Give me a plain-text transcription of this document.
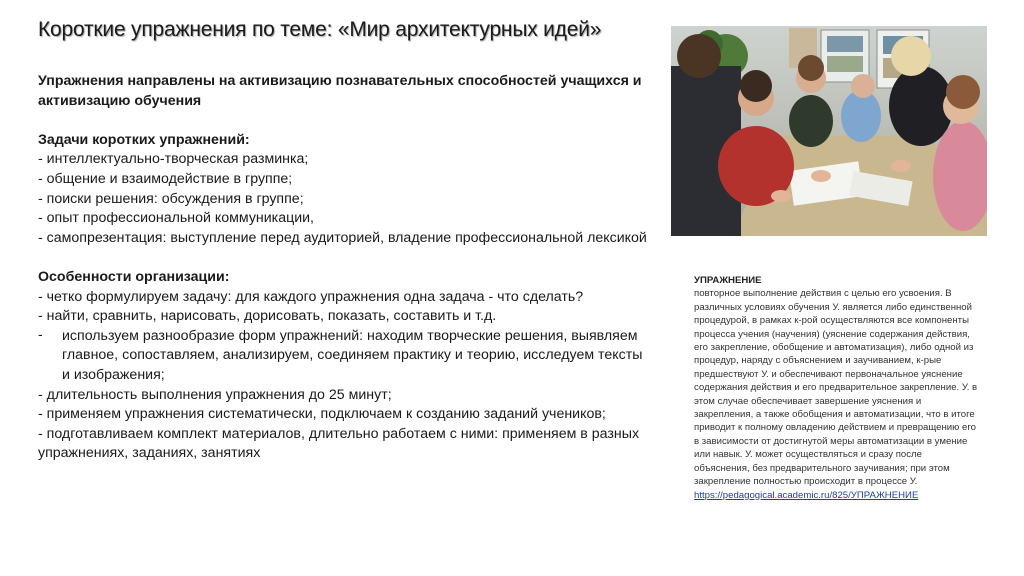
Короткие упражнения по теме: «Мир архитектурных идей»

Упражнения направлены на активизацию познавательных способностей учащихся и активизацию обучения

Задачи коротких упражнений:

- интеллектуально-творческая разминка;

- общение и взаимодействие в группе;

- поиски решения: обсуждения в группе;

- опыт профессиональной коммуникации,

- самопрезентация: выступление перед аудиторией, владение профессиональной лексикой

Особенности организации:

- четко формулируем задачу: для каждого упражнения одна задача - что сделать?

- найти, сравнить, нарисовать, дорисовать, показать, составить и т.д.

-	используем разнообразие форм упражнений: находим творческие решения, выявляем главное, сопоставляем, анализируем, соединяем практику и теорию, исследуем тексты и изображения;

- длительность выполнения упражнения до 25 минут;

- применяем упражнения систематически, подключаем к созданию заданий учеников;

- подготавливаем комплект материалов, длительно работаем с ними: применяем в разных упражнениях, заданиях, занятиях

УПРАЖНЕНИЕ
повторное выполнение действия с целью его усвоения. В различных условиях обучения У. является либо единственной процедурой, в рамках к-рой осуществляются все компоненты процесса учения (научения) (уяснение содержания действия, его закрепление, обобщение и автоматизация), либо одной из процедур, наряду с объяснением и заучиванием, к-рые предшествуют У. и обеспечивают первоначальное уяснение содержания действия и его предварительное закрепление. У. в этом случае обеспечивает завершение уяснения и закрепления, а также обобщения и автоматизации, что в итоге приводит к полному овладению действием и превращению его в зависимости от достигнутой меры автоматизации в умение или навык. У. может осуществляться и сразу после объяснения, без предварительного заучивания; при этом закрепление полностью происходит в процессе У. https://pedagogical.academic.ru/825/УПРАЖНЕНИЕ
